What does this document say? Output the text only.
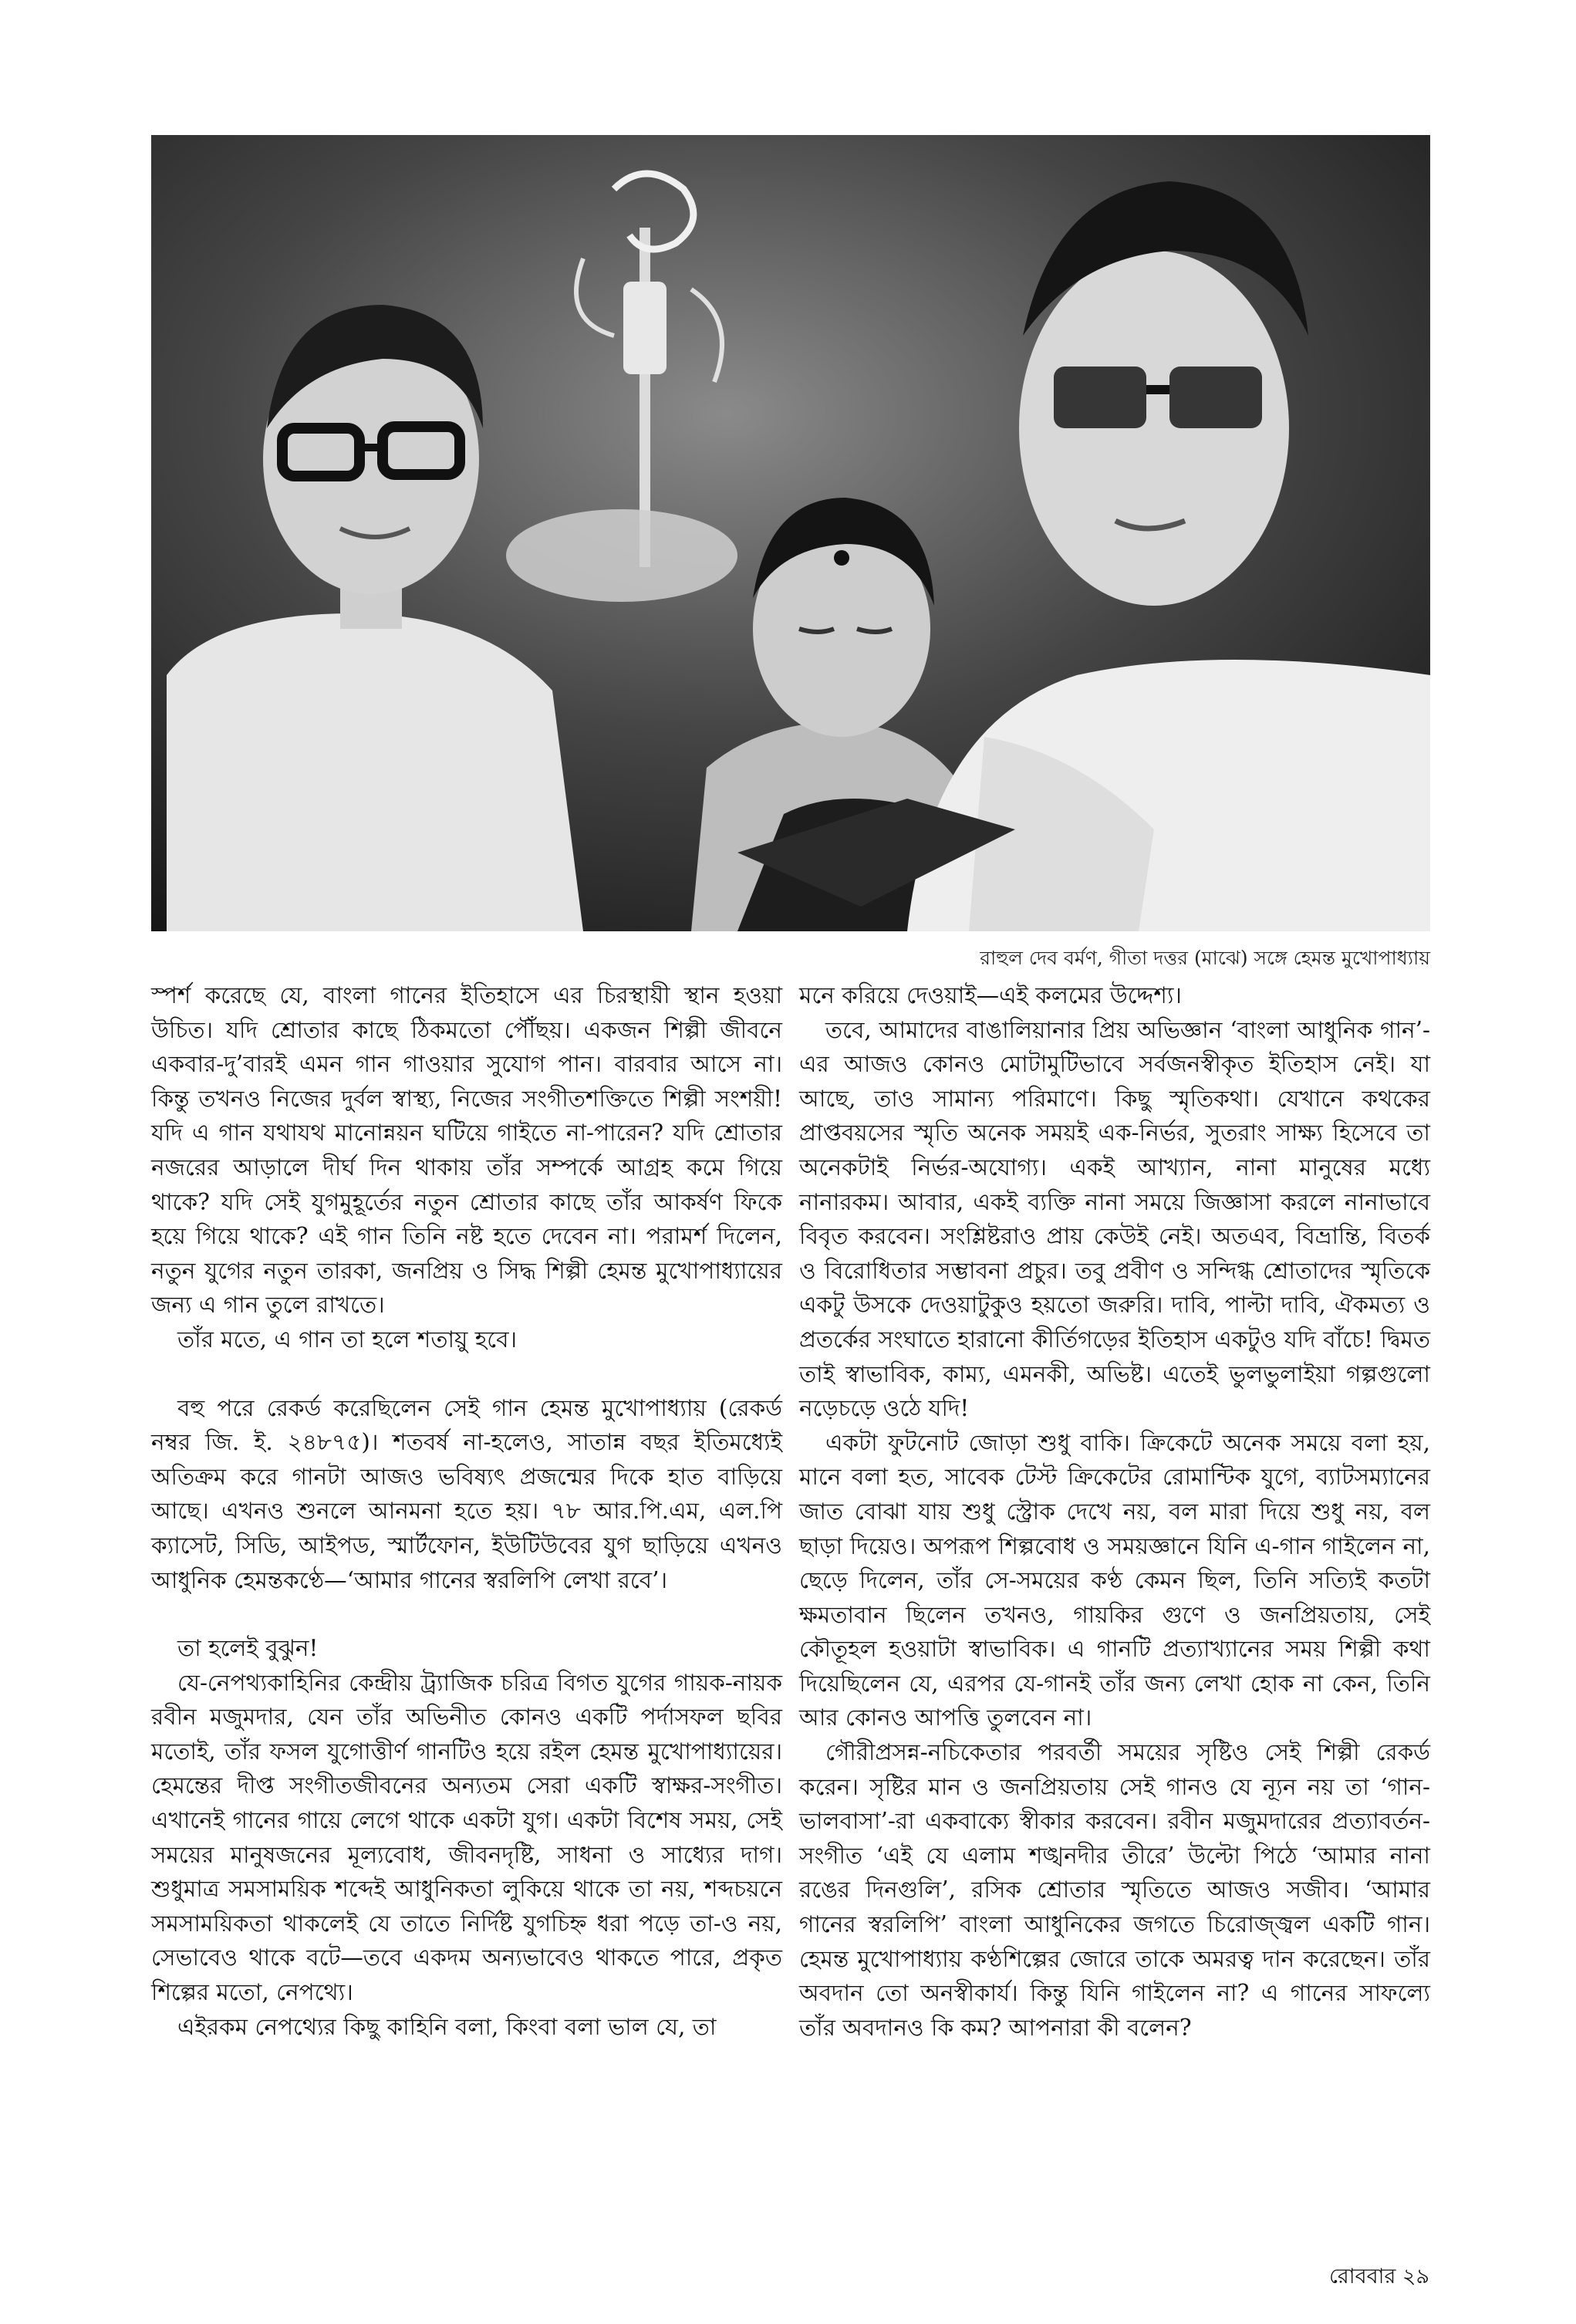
রাহুল দেব বর্মণ, গীতা দত্তর (মাঝে) সঙ্গে হেমন্ত মুখোপাধ্যায়

স্পর্শ করেছে যে, বাংলা গানের ইতিহাসে এর চিরস্থায়ী স্থান হওয়া উচিত। যদি শ্রোতার কাছে ঠিকমতো পৌঁছয়। একজন শিল্পী জীবনে একবার-দু’বারই এমন গান গাওয়ার সুযোগ পান। বারবার আসে না। কিন্তু তখনও নিজের দুর্বল স্বাস্থ্য, নিজের সংগীতশক্তিতে শিল্পী সংশয়ী! যদি এ গান যথাযথ মানোন্নয়ন ঘটিয়ে গাইতে না-পারেন? যদি শ্রোতার নজরের আড়ালে দীর্ঘ দিন থাকায় তাঁর সম্পর্কে আগ্রহ কমে গিয়ে থাকে? যদি সেই যুগমুহূর্তের নতুন শ্রোতার কাছে তাঁর আকর্ষণ ফিকে হয়ে গিয়ে থাকে? এই গান তিনি নষ্ট হতে দেবেন না। পরামর্শ দিলেন, নতুন যুগের নতুন তারকা, জনপ্রিয় ও সিদ্ধ শিল্পী হেমন্ত মুখোপাধ্যায়ের জন্য এ গান তুলে রাখতে।

তাঁর মতে, এ গান তা হলে শতায়ু হবে।

বহু পরে রেকর্ড করেছিলেন সেই গান হেমন্ত মুখোপাধ্যায় (রেকর্ড নম্বর জি. ই. ২৪৮৭৫)। শতবর্ষ না-হলেও, সাতান্ন বছর ইতিমধ্যেই অতিক্রম করে গানটা আজও ভবিষ্যৎ প্রজন্মের দিকে হাত বাড়িয়ে আছে। এখনও শুনলে আনমনা হতে হয়। ৭৮ আর.পি.এম, এল.পি ক্যাসেট, সিডি, আইপড, স্মার্টফোন, ইউটিউবের যুগ ছাড়িয়ে এখনও আধুনিক হেমন্তকণ্ঠে—‘আমার গানের স্বরলিপি লেখা রবে’।

তা হলেই বুঝুন!

যে-নেপথ্যকাহিনির কেন্দ্রীয় ট্র্যাজিক চরিত্র বিগত যুগের গায়ক-নায়ক রবীন মজুমদার, যেন তাঁর অভিনীত কোনও একটি পর্দাসফল ছবির মতোই, তাঁর ফসল যুগোত্তীর্ণ গানটিও হয়ে রইল হেমন্ত মুখোপাধ্যায়ের। হেমন্তের দীপ্ত সংগীতজীবনের অন্যতম সেরা একটি স্বাক্ষর-সংগীত। এখানেই গানের গায়ে লেগে থাকে একটা যুগ। একটা বিশেষ সময়, সেই সময়ের মানুষজনের মূল্যবোধ, জীবনদৃষ্টি, সাধনা ও সাধ্যের দাগ। শুধুমাত্র সমসাময়িক শব্দেই আধুনিকতা লুকিয়ে থাকে তা নয়, শব্দচয়নে সমসাময়িকতা থাকলেই যে তাতে নির্দিষ্ট যুগচিহ্ন ধরা পড়ে তা-ও নয়, সেভাবেও থাকে বটে—তবে একদম অন্যভাবেও থাকতে পারে, প্রকৃত শিল্পের মতো, নেপথ্যে।

এইরকম নেপথ্যের কিছু কাহিনি বলা, কিংবা বলা ভাল যে, তা

মনে করিয়ে দেওয়াই—এই কলমের উদ্দেশ্য।

তবে, আমাদের বাঙালিয়ানার প্রিয় অভিজ্ঞান ‘বাংলা আধুনিক গান’-এর আজও কোনও মোটামুটিভাবে সর্বজনস্বীকৃত ইতিহাস নেই। যা আছে, তাও সামান্য পরিমাণে। কিছু স্মৃতিকথা। যেখানে কথকের প্রাপ্তবয়সের স্মৃতি অনেক সময়ই এক-নির্ভর, সুতরাং সাক্ষ্য হিসেবে তা অনেকটাই নির্ভর-অযোগ্য। একই আখ্যান, নানা মানুষের মধ্যে নানারকম। আবার, একই ব্যক্তি নানা সময়ে জিজ্ঞাসা করলে নানাভাবে বিবৃত করবেন। সংশ্লিষ্টরাও প্রায় কেউই নেই। অতএব, বিভ্রান্তি, বিতর্ক ও বিরোধিতার সম্ভাবনা প্রচুর। তবু প্রবীণ ও সন্দিগ্ধ শ্রোতাদের স্মৃতিকে একটু উসকে দেওয়াটুকুও হয়তো জরুরি। দাবি, পাল্টা দাবি, ঐকমত্য ও প্রতর্কের সংঘাতে হারানো কীর্তিগড়ের ইতিহাস একটুও যদি বাঁচে! দ্বিমত তাই স্বাভাবিক, কাম্য, এমনকী, অভিষ্ট। এতেই ভুলভুলাইয়া গল্পগুলো নড়েচড়ে ওঠে যদি!

একটা ফুটনোট জোড়া শুধু বাকি। ক্রিকেটে অনেক সময়ে বলা হয়, মানে বলা হত, সাবেক টেস্ট ক্রিকেটের রোমান্টিক যুগে, ব্যাটসম্যানের জাত বোঝা যায় শুধু স্ট্রোক দেখে নয়, বল মারা দিয়ে শুধু নয়, বল ছাড়া দিয়েও। অপরূপ শিল্পবোধ ও সময়জ্ঞানে যিনি এ-গান গাইলেন না, ছেড়ে দিলেন, তাঁর সে-সময়ের কণ্ঠ কেমন ছিল, তিনি সত্যিই কতটা ক্ষমতাবান ছিলেন তখনও, গায়কির গুণে ও জনপ্রিয়তায়, সেই কৌতূহল হওয়াটা স্বাভাবিক। এ গানটি প্রত্যাখ্যানের সময় শিল্পী কথা দিয়েছিলেন যে, এরপর যে-গানই তাঁর জন্য লেখা হোক না কেন, তিনি আর কোনও আপত্তি তুলবেন না।

গৌরীপ্রসন্ন-নচিকেতার পরবর্তী সময়ের সৃষ্টিও সেই শিল্পী রেকর্ড করেন। সৃষ্টির মান ও জনপ্রিয়তায় সেই গানও যে ন্যূন নয় তা ‘গান-ভালবাসা’-রা একবাক্যে স্বীকার করবেন। রবীন মজুমদারের প্রত্যাবর্তন-সংগীত ‘এই যে এলাম শঙ্খনদীর তীরে’ উল্টো পিঠে ‘আমার নানা রঙের দিনগুলি’, রসিক শ্রোতার স্মৃতিতে আজও সজীব। ‘আমার গানের স্বরলিপি’ বাংলা আধুনিকের জগতে চিরোজ্জ্বল একটি গান। হেমন্ত মুখোপাধ্যায় কণ্ঠশিল্পের জোরে তাকে অমরত্ব দান করেছেন। তাঁর অবদান তো অনস্বীকার্য। কিন্তু যিনি গাইলেন না? এ গানের সাফল্যে তাঁর অবদানও কি কম? আপনারা কী বলেন?

রোববার ২৯
